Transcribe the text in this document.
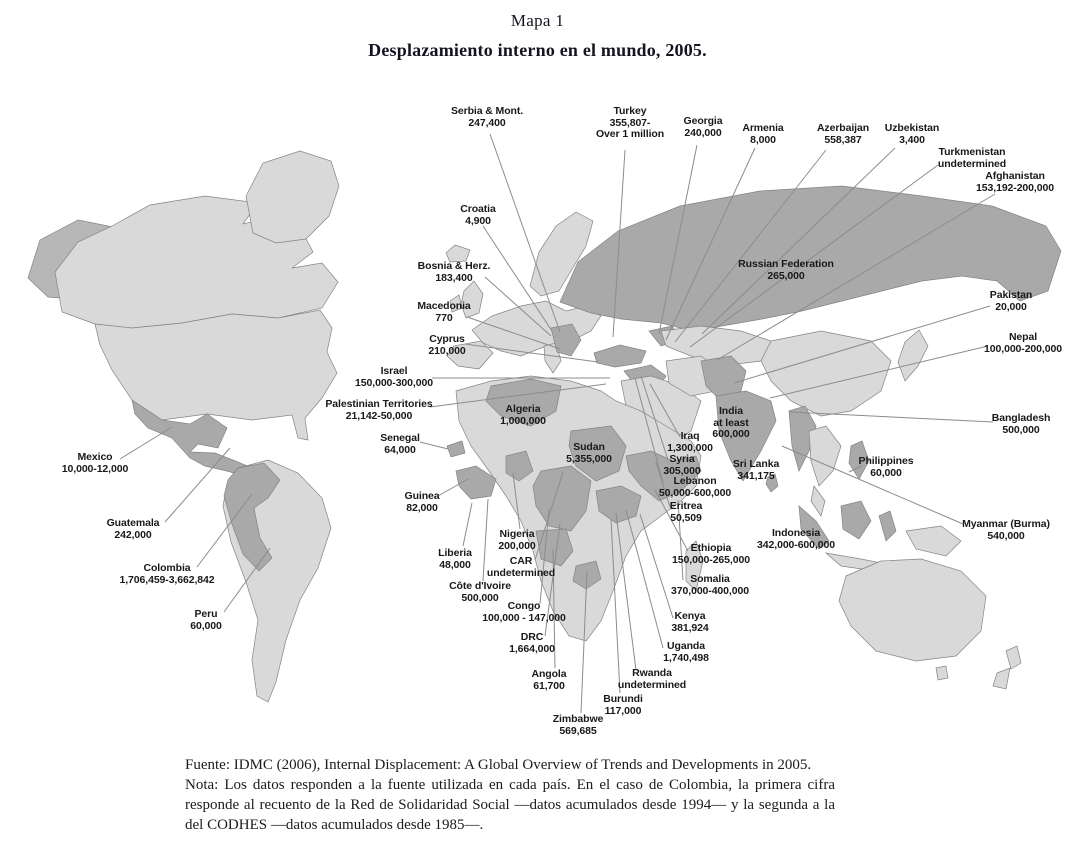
Mapa 1
Desplazamiento interno en el mundo, 2005.
Serbia & Mont.
247,400
Turkey
355,807-
Over 1 million
Georgia
240,000 Armenia
8,000
Azerbaijan
558,387
Uzbekistan
3,400
Turkmenistan
undetermined
Afghanistan
153,192-200,000
Russian Federation
265,000
Pakistan
20,000
Nepal
100,000-200,000
Bangladesh
500,000
Mexico
10,000-12,000
Guatemala
242,000
Colombia
1,706,459-3,662,842
Peru
60,000
Croatia
4,900
Bosnia & Herz.
183,400
Macedonia
770
Cyprus
210,000
Israel
150,000-300,000
Palestinian Territories
21,142-50,000
Algeria
1,000,000
Senegal
64,000	Sudan
5,355,000
Guinea
82,000
Iraq
1,300,000
Syria
305,000
Lebanon
50,000-600,000
India
at least
600,000
Sri Lanka
341,175
Eritrea
50,509
Philippines
60,000
Indonesia
342,000-600,000
Myanmar (Burma)
540,000
Ethiopia
150,000-265,000
Somalia
370,000-400,000
Liberia
48,000
Nigeria
200,000
CAR
undetermined
Côte d'Ivoire
500,000
Congo
100,000 - 147,000
DRC
1,664,000
Kenya
381,924
Uganda
1,740,498
Rwanda
undetermined
Angola
61,700
Burundi
117,000
Zimbabwe
569,685

Fuente: IDMC (2006), Internal Displacement: A Global Overview of Trends and Developments in 2005.

Nota: Los datos responden a la fuente utilizada en cada país. En el caso de Colombia, la primera cifra responde al recuento de la Red de Solidaridad Social —datos acumulados desde 1994— y la segunda a la del CODHES —datos acumulados desde 1985—.
